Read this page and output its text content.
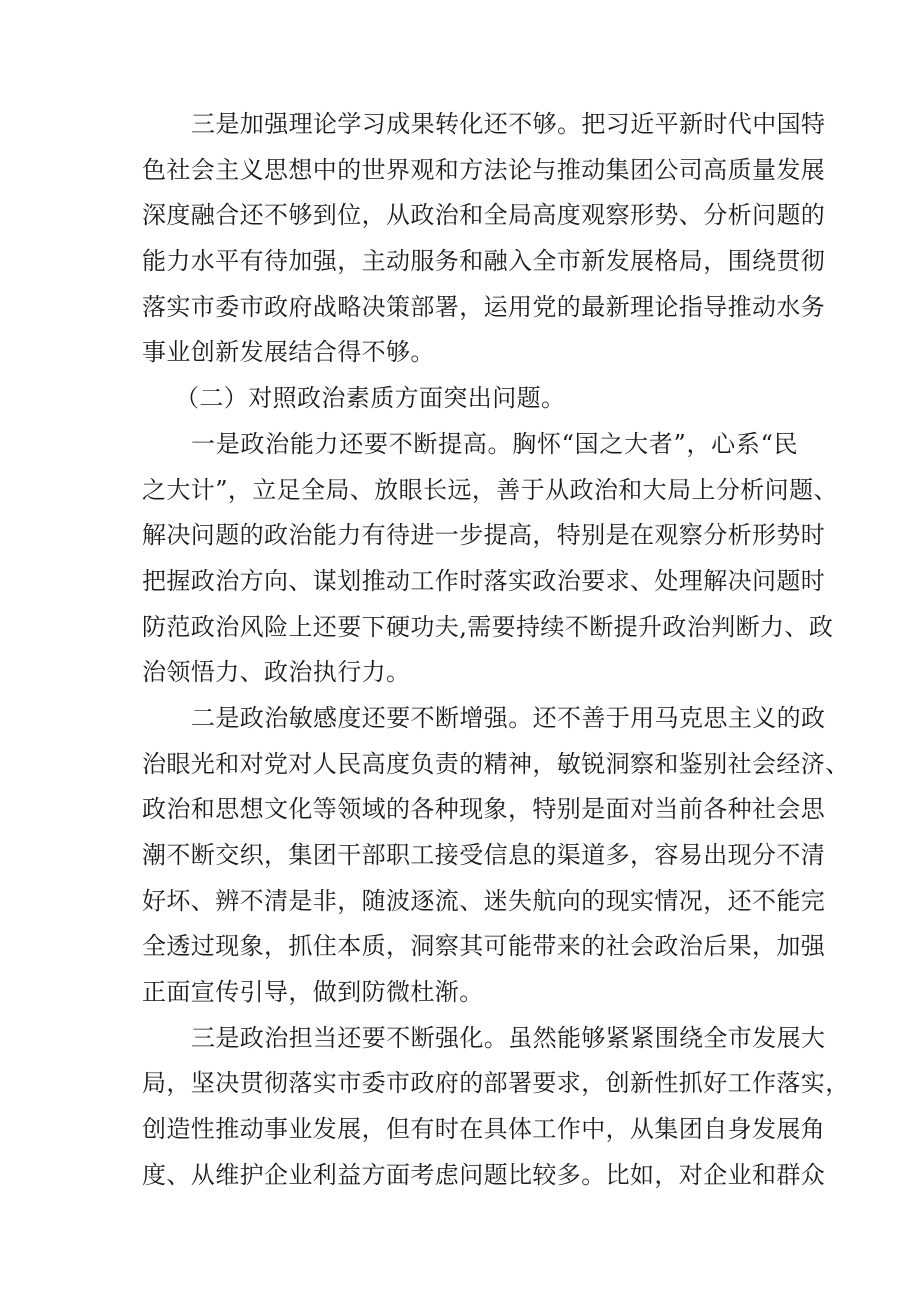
三是加强理论学习成果转化还不够。把习近平新时代中国特
色社会主义思想中的世界观和方法论与推动集团公司高质量发展
深度融合还不够到位，从政治和全局高度观察形势、分析问题的
能力水平有待加强，主动服务和融入全市新发展格局，围绕贯彻
落实市委市政府战略决策部署，运用党的最新理论指导推动水务
事业创新发展结合得不够。
（二）对照政治素质方面突出问题。
一是政治能力还要不断提高。胸怀“国之大者”，心系“民
之大计”，立足全局、放眼长远，善于从政治和大局上分析问题、
解决问题的政治能力有待进一步提高，特别是在观察分析形势时
把握政治方向、谋划推动工作时落实政治要求、处理解决问题时
防范政治风险上还要下硬功夫,需要持续不断提升政治判断力、政
治领悟力、政治执行力。
二是政治敏感度还要不断增强。还不善于用马克思主义的政
治眼光和对党对人民高度负责的精神，敏锐洞察和鉴别社会经济、
政治和思想文化等领域的各种现象，特别是面对当前各种社会思
潮不断交织，集团干部职工接受信息的渠道多，容易出现分不清
好坏、辨不清是非，随波逐流、迷失航向的现实情况，还不能完
全透过现象，抓住本质，洞察其可能带来的社会政治后果，加强
正面宣传引导，做到防微杜渐。
三是政治担当还要不断强化。虽然能够紧紧围绕全市发展大
局，坚决贯彻落实市委市政府的部署要求，创新性抓好工作落实，
创造性推动事业发展，但有时在具体工作中，从集团自身发展角
度、从维护企业利益方面考虑问题比较多。比如，对企业和群众
